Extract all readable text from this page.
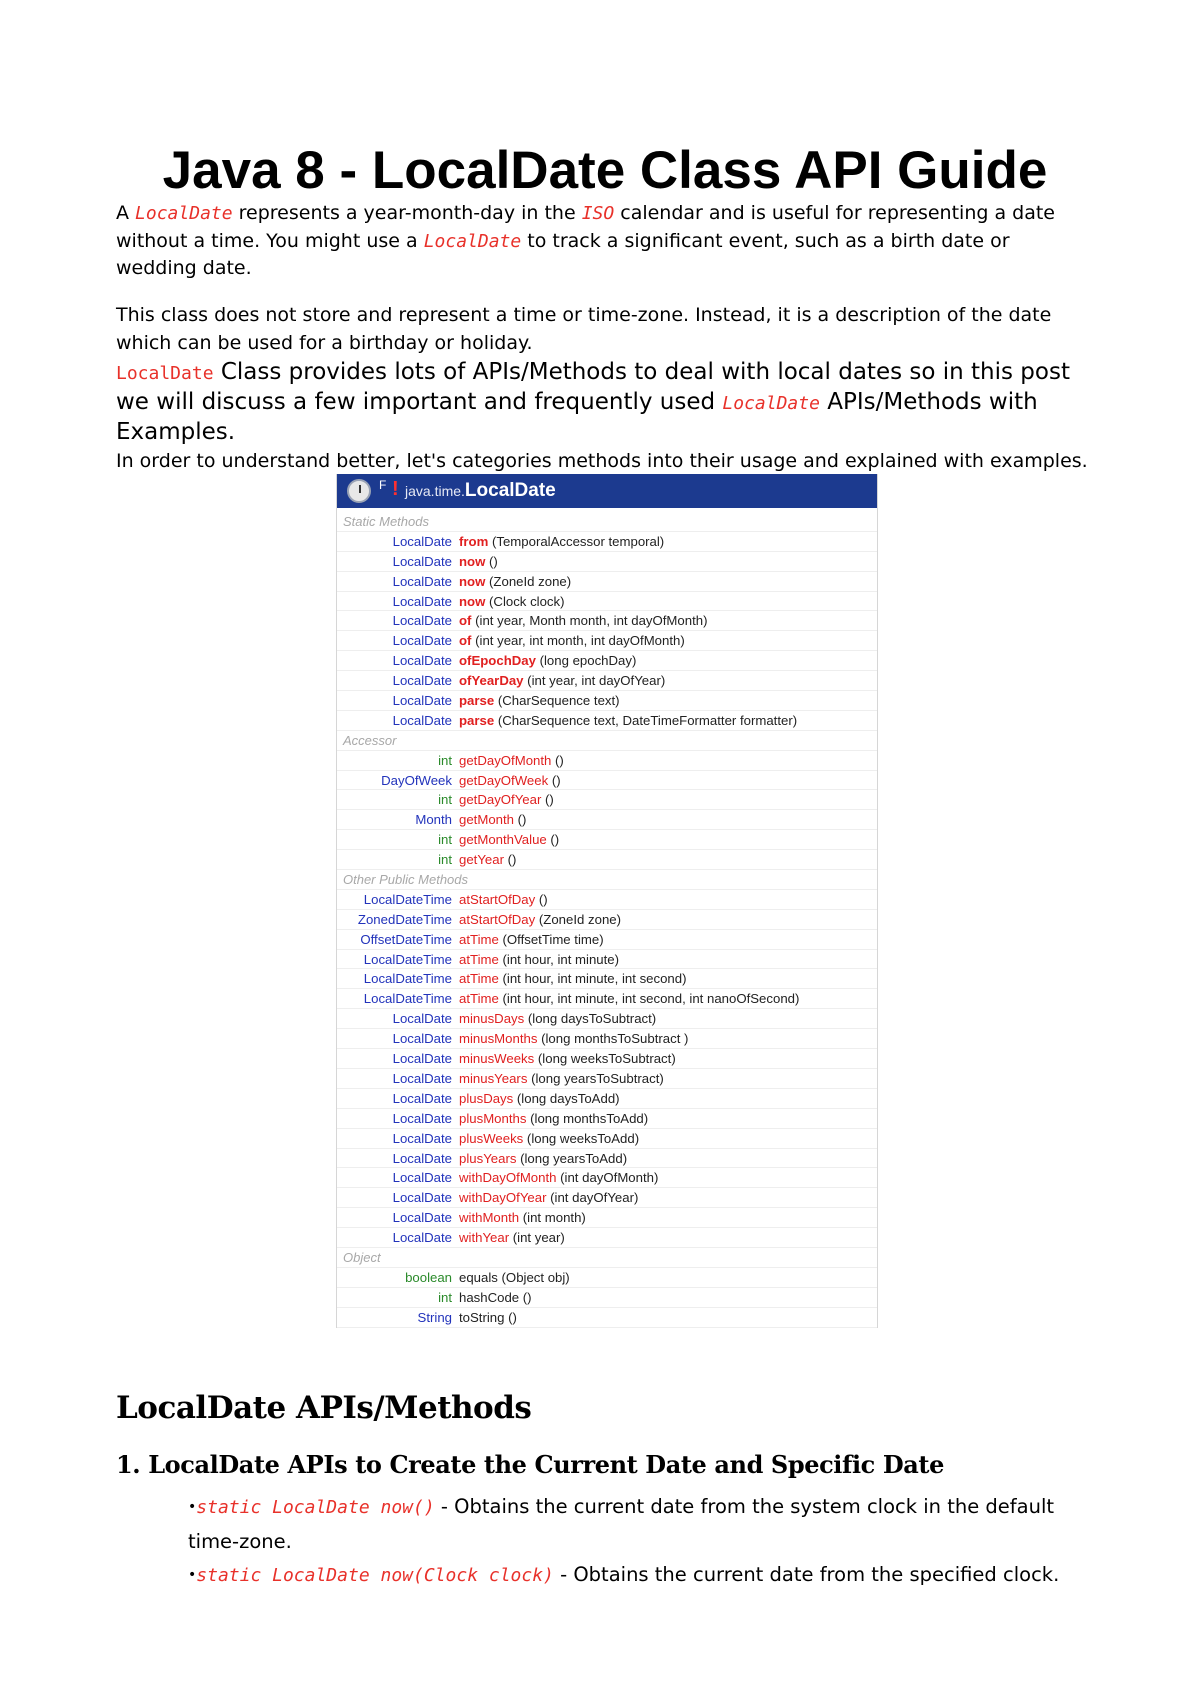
Java 8 - LocalDate Class API Guide
A LocalDate represents a year-month-day in the ISO calendar and is useful for representing a date without a time. You might use a LocalDate to track a significant event, such as a birth date or wedding date.
This class does not store and represent a time or time-zone. Instead, it is a description of the date which can be used for a birthday or holiday.
LocalDate Class provides lots of APIs/Methods to deal with local dates so in this post we will discuss a few important and frequently used LocalDate APIs/Methods with Examples.
In order to understand better, let's categories methods into their usage and explained with examples.
F ! java.time.LocalDate
Static Methods
LocalDate from (TemporalAccessor temporal)
LocalDate now ()
LocalDate now (ZoneId zone)
LocalDate now (Clock clock)
LocalDate of (int year, Month month, int dayOfMonth)
LocalDate of (int year, int month, int dayOfMonth)
LocalDate ofEpochDay (long epochDay)
LocalDate ofYearDay (int year, int dayOfYear)
LocalDate parse (CharSequence text)
LocalDate parse (CharSequence text, DateTimeFormatter formatter)
Accessor
int getDayOfMonth ()
DayOfWeek getDayOfWeek ()
int getDayOfYear ()
Month getMonth ()
int getMonthValue ()
int getYear ()
Other Public Methods
LocalDateTime atStartOfDay ()
ZonedDateTime atStartOfDay (ZoneId zone)
OffsetDateTime atTime (OffsetTime time)
LocalDateTime atTime (int hour, int minute)
LocalDateTime atTime (int hour, int minute, int second)
LocalDateTime atTime (int hour, int minute, int second, int nanoOfSecond)
LocalDate minusDays (long daysToSubtract)
LocalDate minusMonths (long monthsToSubtract )
LocalDate minusWeeks (long weeksToSubtract)
LocalDate minusYears (long yearsToSubtract)
LocalDate plusDays (long daysToAdd)
LocalDate plusMonths (long monthsToAdd)
LocalDate plusWeeks (long weeksToAdd)
LocalDate plusYears (long yearsToAdd)
LocalDate withDayOfMonth (int dayOfMonth)
LocalDate withDayOfYear (int dayOfYear)
LocalDate withMonth (int month)
LocalDate withYear (int year)
Object
boolean equals (Object obj)
int hashCode ()
String toString ()
LocalDate APIs/Methods
1. LocalDate APIs to Create the Current Date and Specific Date
•static LocalDate now() - Obtains the current date from the system clock in the default time-zone.
•static LocalDate now(Clock clock) - Obtains the current date from the specified clock.
